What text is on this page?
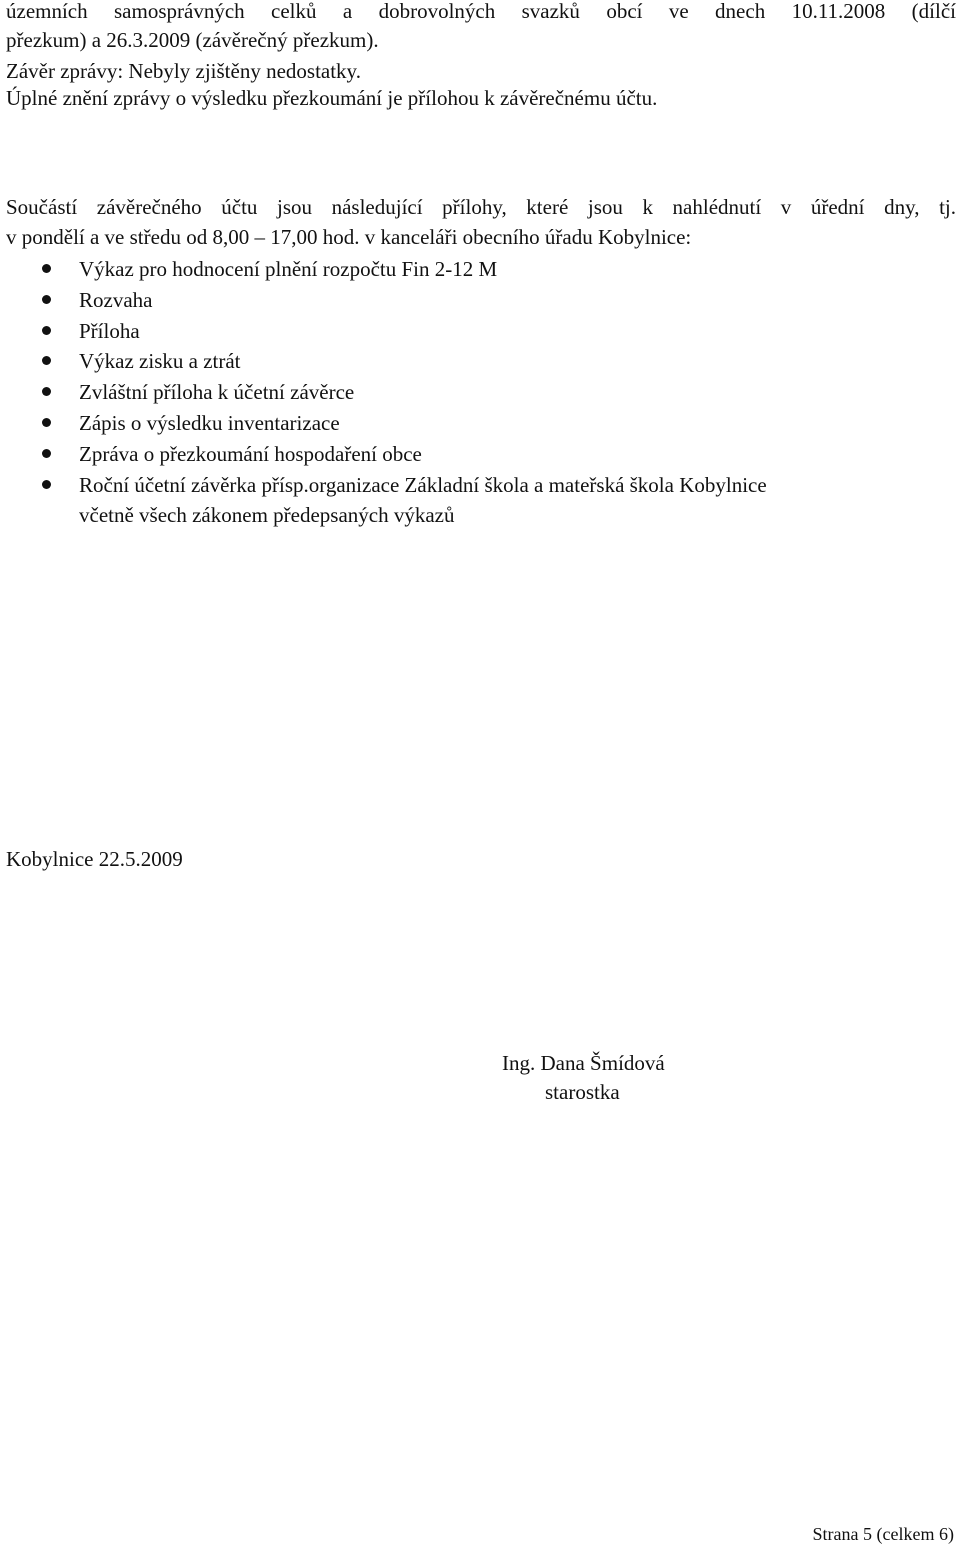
územních samosprávných celků a dobrovolných svazků obcí ve dnech 10.11.2008 (dílčí
přezkum) a 26.3.2009 (závěrečný přezkum).
Závěr zprávy: Nebyly zjištěny nedostatky.
Úplné znění zprávy o výsledku přezkoumání je přílohou k závěrečnému účtu.
Součástí závěrečného účtu jsou následující přílohy, které jsou k nahlédnutí v úřední dny, tj.
v pondělí a ve středu od 8,00 – 17,00 hod. v kanceláři obecního úřadu Kobylnice:
Výkaz pro hodnocení plnění rozpočtu Fin 2-12 M
Rozvaha
Příloha
Výkaz zisku a ztrát
Zvláštní příloha k účetní závěrce
Zápis o výsledku inventarizace
Zpráva o přezkoumání hospodaření obce
Roční účetní závěrka přísp.organizace Základní škola a mateřská škola Kobylnice
včetně všech zákonem předepsaných výkazů
Kobylnice 22.5.2009
Ing. Dana Šmídová
starostka
Strana 5 (celkem 6)
